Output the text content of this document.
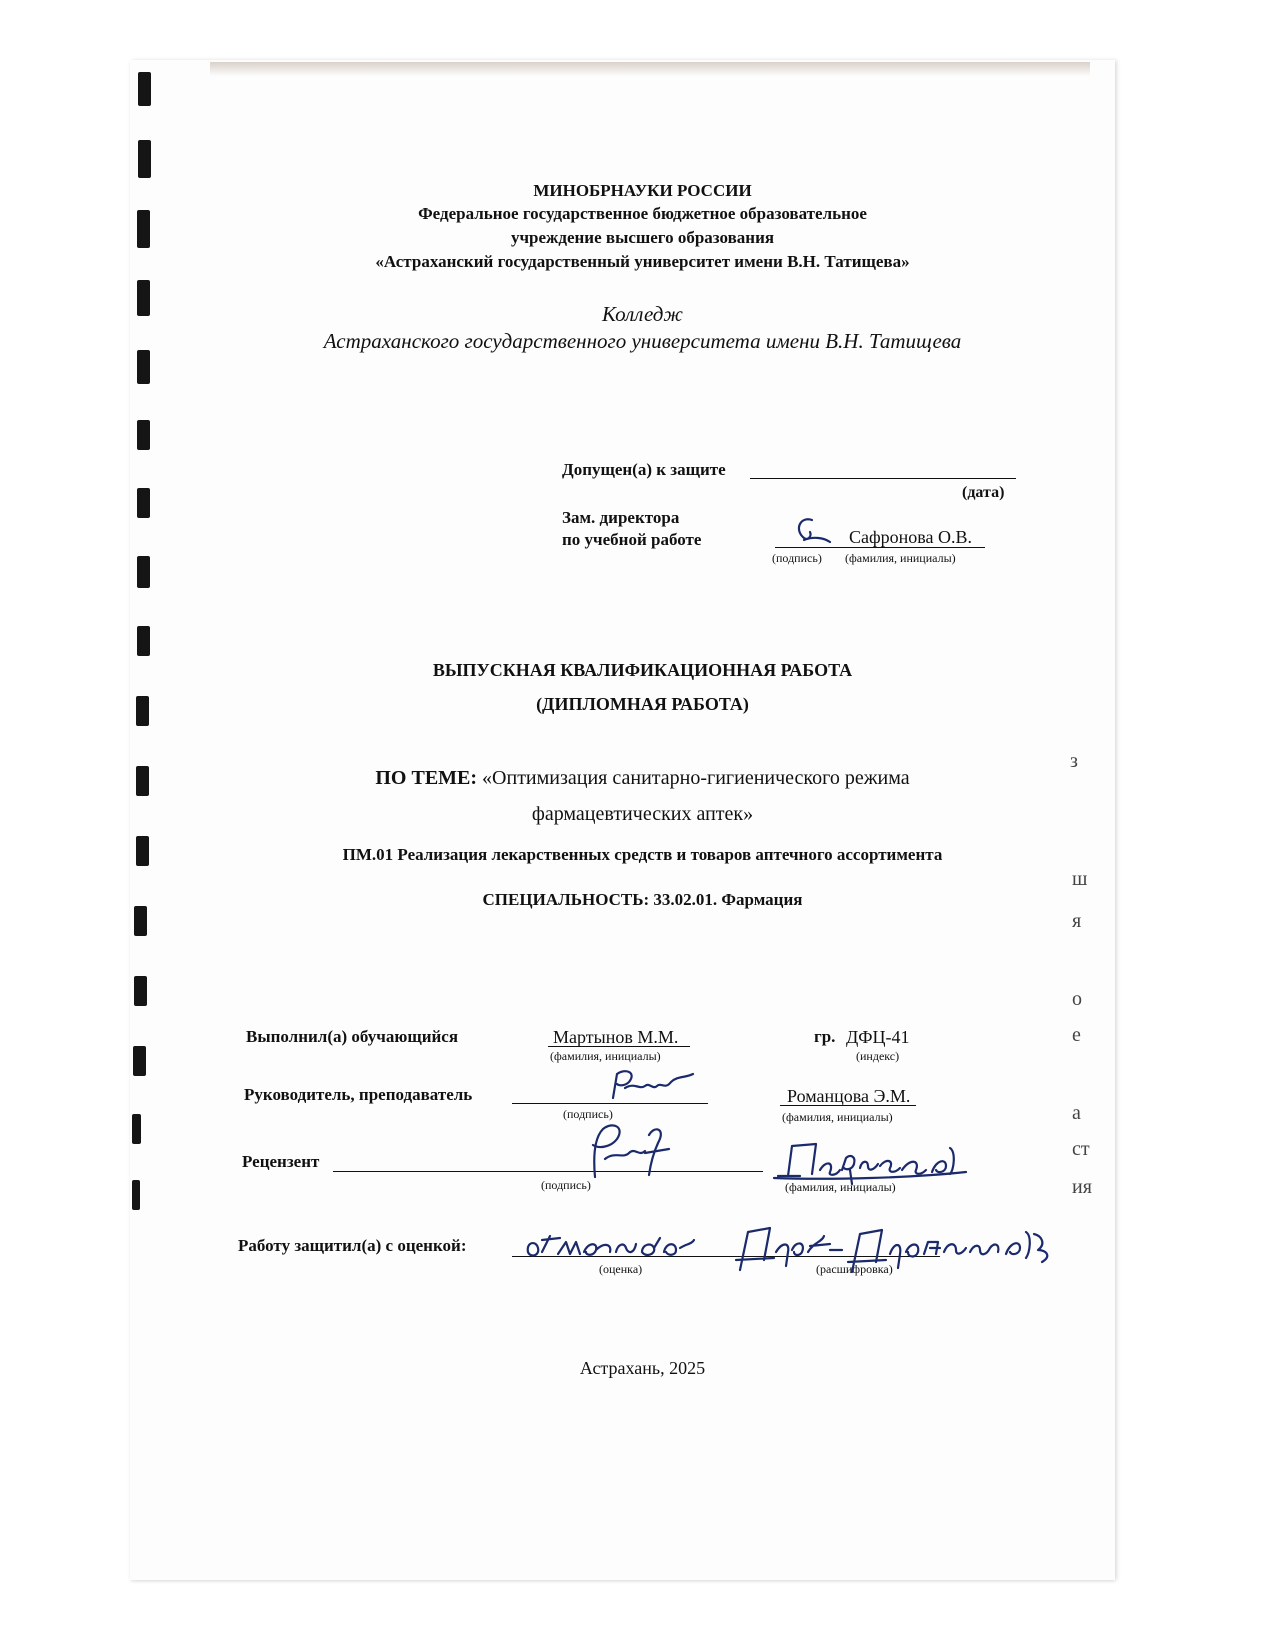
МИНОБРНАУКИ РОССИИ
Федеральное государственное бюджетное образовательное
учреждение высшего образования
«Астраханский государственный университет имени В.Н. Татищева»
Колледж
Астраханского государственного университета имени В.Н. Татищева
Допущен(а) к защите
(дата)
Зам. директора
по учебной работе	Сафронова О.В.
(подпись) (фамилия, инициалы)
ВЫПУСКНАЯ КВАЛИФИКАЦИОННАЯ РАБОТА
(ДИПЛОМНАЯ РАБОТА)
ПО ТЕМЕ: «Оптимизация санитарно-гигиенического режима
фармацевтических аптек»
ПМ.01 Реализация лекарственных средств и товаров аптечного ассортимента
СПЕЦИАЛЬНОСТЬ: 33.02.01. Фармация
Выполнил(а) обучающийся	Мартынов М.М.
(фамилия, инициалы)
гр. ДФЦ-41
(индекс)
Руководитель, преподаватель
(подпись)
Романцова Э.М.
(фамилия, инициалы)
Рецензент
(подпись)	(фамилия, инициалы)
Работу защитил(а) с оценкой:
(оценка)	(расшифровка)
Астрахань, 2025
з
ш
я
о
е
а
ст
ия
